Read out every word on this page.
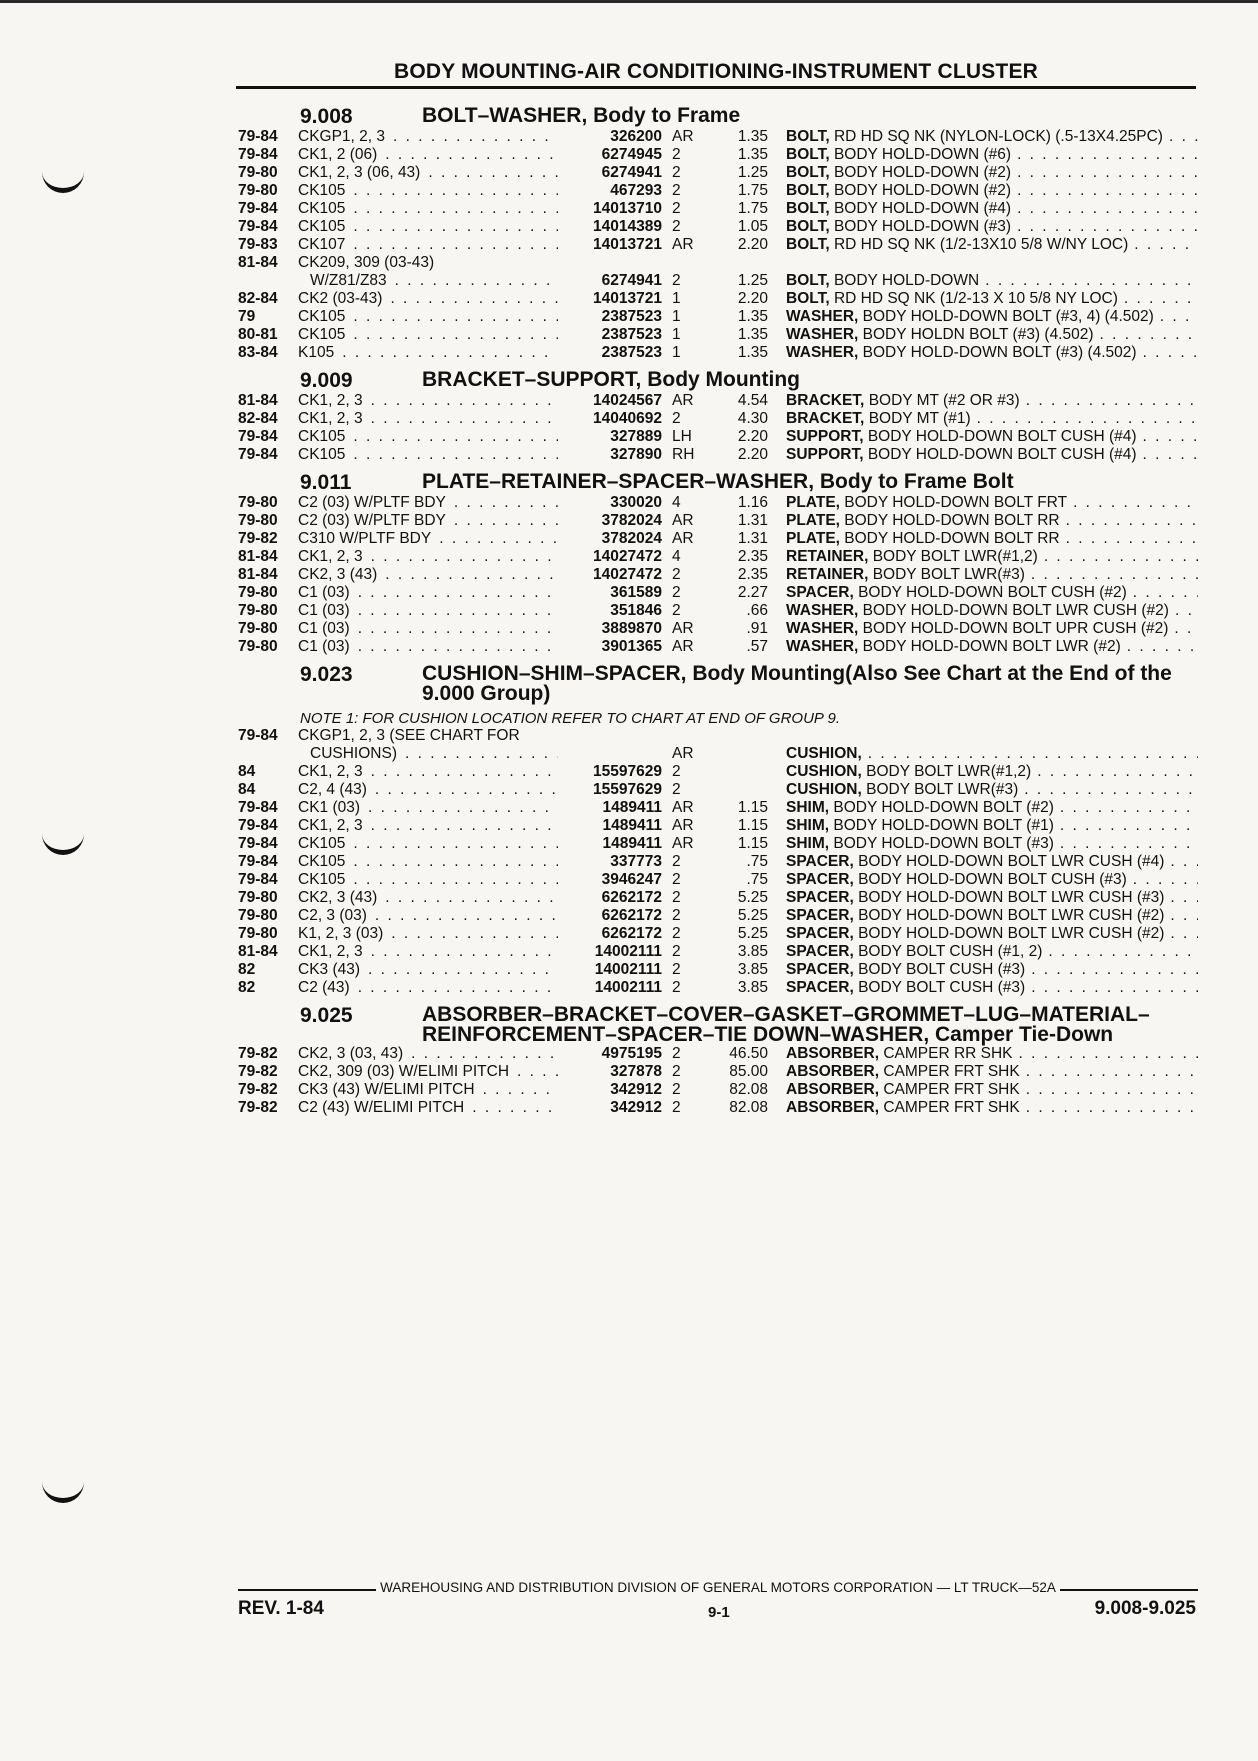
BODY MOUNTING-AIR CONDITIONING-INSTRUMENT CLUSTER
9.008	BOLT–WASHER, Body to Frame
79-84	CKGP1, 2, 3 . . .	326200 AR	1.35 BOLT, RD HD SQ NK (NYLON-LOCK) (.5-13X4.25PC)
. . .
79-84	CK1, 2 (06) . . .	6274945 2	1.35 BOLT, BODY HOLD-DOWN (#6)
. . .
79-80	CK1, 2, 3 (06, 43) . . .	6274941 2	1.25 BOLT, BODY HOLD-DOWN (#2)
. . .
79-80	CK105 . . .	467293 2	1.75 BOLT, BODY HOLD-DOWN (#2)
. . .
79-84	CK105 . . .	14013710 2	1.75 BOLT, BODY HOLD-DOWN (#4)
. . .
79-84	CK105 . . .	14014389 2	1.05 BOLT, BODY HOLD-DOWN (#3)
. . .
79-83	CK107 . . .	14013721 AR	2.20 BOLT, RD HD SQ NK (1/2-13X10 5/8 W/NY LOC)
. . .
81-84	CK209, 309 (03-43)
W/Z81/Z83 . . .	6274941 2	1.25 BOLT, BODY HOLD-DOWN
. . .
82-84	CK2 (03-43) . . .	14013721 1	2.20 BOLT, RD HD SQ NK (1/2-13 X 10 5/8 NY LOC)
. . .
79	CK105 . . .	2387523 1	1.35 WASHER, BODY HOLD-DOWN BOLT (#3, 4) (4.502)
. . .
80-81	CK105 . . .	2387523 1	1.35 WASHER, BODY HOLDN BOLT (#3) (4.502)
. . .
83-84	K105 . . .	2387523 1	1.35 WASHER, BODY HOLD-DOWN BOLT (#3) (4.502)
. . .
9.009	BRACKET–SUPPORT, Body Mounting
81-84	CK1, 2, 3 . . .	14024567 AR	4.54 BRACKET, BODY MT (#2 OR #3)
. . .
82-84	CK1, 2, 3 . . .	14040692 2	4.30 BRACKET, BODY MT (#1)
. . .
79-84	CK105 . . .	327889 LH	2.20 SUPPORT, BODY HOLD-DOWN BOLT CUSH (#4)
. . .
79-84	CK105 . . .	327890 RH	2.20 SUPPORT, BODY HOLD-DOWN BOLT CUSH (#4)
. . .
9.011	PLATE–RETAINER–SPACER–WASHER, Body to Frame Bolt
79-80	C2 (03) W/PLTF BDY . . .	330020 4	1.16 PLATE, BODY HOLD-DOWN BOLT FRT
. . .
79-80	C2 (03) W/PLTF BDY . . .	3782024 AR	1.31 PLATE, BODY HOLD-DOWN BOLT RR
. . .
79-82	C310 W/PLTF BDY . . .	3782024 AR	1.31 PLATE, BODY HOLD-DOWN BOLT RR
. . .
81-84	CK1, 2, 3 . . .	14027472 4	2.35 RETAINER, BODY BOLT LWR(#1,2)
. . .
81-84	CK2, 3 (43) . . .	14027472 2	2.35 RETAINER, BODY BOLT LWR(#3)
. . .
79-80	C1 (03) . . .	361589 2	2.27 SPACER, BODY HOLD-DOWN BOLT CUSH (#2)
. . .
79-80	C1 (03) . . .	351846 2	.66 WASHER, BODY HOLD-DOWN BOLT LWR CUSH (#2)
. . .
79-80	C1 (03) . . .	3889870 AR	.91 WASHER, BODY HOLD-DOWN BOLT UPR CUSH (#2)
. . .
79-80	C1 (03) . . .	3901365 AR	.57 WASHER, BODY HOLD-DOWN BOLT LWR (#2)
. . .
9.023	CUSHION–SHIM–SPACER, Body Mounting(Also See Chart at the End of the 9.000 Group)
NOTE 1: FOR CUSHION LOCATION REFER TO CHART AT END OF GROUP 9.
79-84	CKGP1, 2, 3 (SEE CHART FOR
CUSHIONS) . . .	AR	CUSHION,
. . .
84	CK1, 2, 3 . . .	15597629 2	CUSHION, BODY BOLT LWR(#1,2)
. . .
84	C2, 4 (43) . . .	15597629 2	CUSHION, BODY BOLT LWR(#3)
. . .
79-84	CK1 (03) . . .	1489411 AR	1.15 SHIM, BODY HOLD-DOWN BOLT (#2)
. . .
79-84	CK1, 2, 3 . . .	1489411 AR	1.15 SHIM, BODY HOLD-DOWN BOLT (#1)
. . .
79-84	CK105 . . .	1489411 AR	1.15 SHIM, BODY HOLD-DOWN BOLT (#3)
. . .
79-84	CK105 . . .	337773 2	.75 SPACER, BODY HOLD-DOWN BOLT LWR CUSH (#4)
. . .
79-84	CK105 . . .	3946247 2	.75 SPACER, BODY HOLD-DOWN BOLT CUSH (#3)
. . .
79-80	CK2, 3 (43) . . .	6262172 2	5.25 SPACER, BODY HOLD-DOWN BOLT LWR CUSH (#3)
. . .
79-80	C2, 3 (03) . . .	6262172 2	5.25 SPACER, BODY HOLD-DOWN BOLT LWR CUSH (#2)
. . .
79-80	K1, 2, 3 (03) . . .	6262172 2	5.25 SPACER, BODY HOLD-DOWN BOLT LWR CUSH (#2)
. . .
81-84	CK1, 2, 3 . . .	14002111 2	3.85 SPACER, BODY BOLT CUSH (#1, 2)
. . .
82	CK3 (43) . . .	14002111 2	3.85 SPACER, BODY BOLT CUSH (#3)
. . .
82	C2 (43) . . .	14002111 2	3.85 SPACER, BODY BOLT CUSH (#3)
. . .
9.025	ABSORBER–BRACKET–COVER–GASKET–GROMMET–LUG–MATERIAL–REINFORCEMENT–SPACER–TIE DOWN–WASHER, Camper Tie-Down
79-82	CK2, 3 (03, 43) . . .	4975195 2	46.50 ABSORBER, CAMPER RR SHK
. . .
79-82	CK2, 309 (03) W/ELIMI PITCH . . .	327878 2	85.00 ABSORBER, CAMPER FRT SHK
. . .
79-82	CK3 (43) W/ELIMI PITCH . . .	342912 2	82.08 ABSORBER, CAMPER FRT SHK
. . .
79-82	C2 (43) W/ELIMI PITCH . . .	342912 2	82.08 ABSORBER, CAMPER FRT SHK
. . .
WAREHOUSING AND DISTRIBUTION DIVISION OF GENERAL MOTORS CORPORATION — LT TRUCK—52A
REV. 1-84	9-1	9.008-9.025
